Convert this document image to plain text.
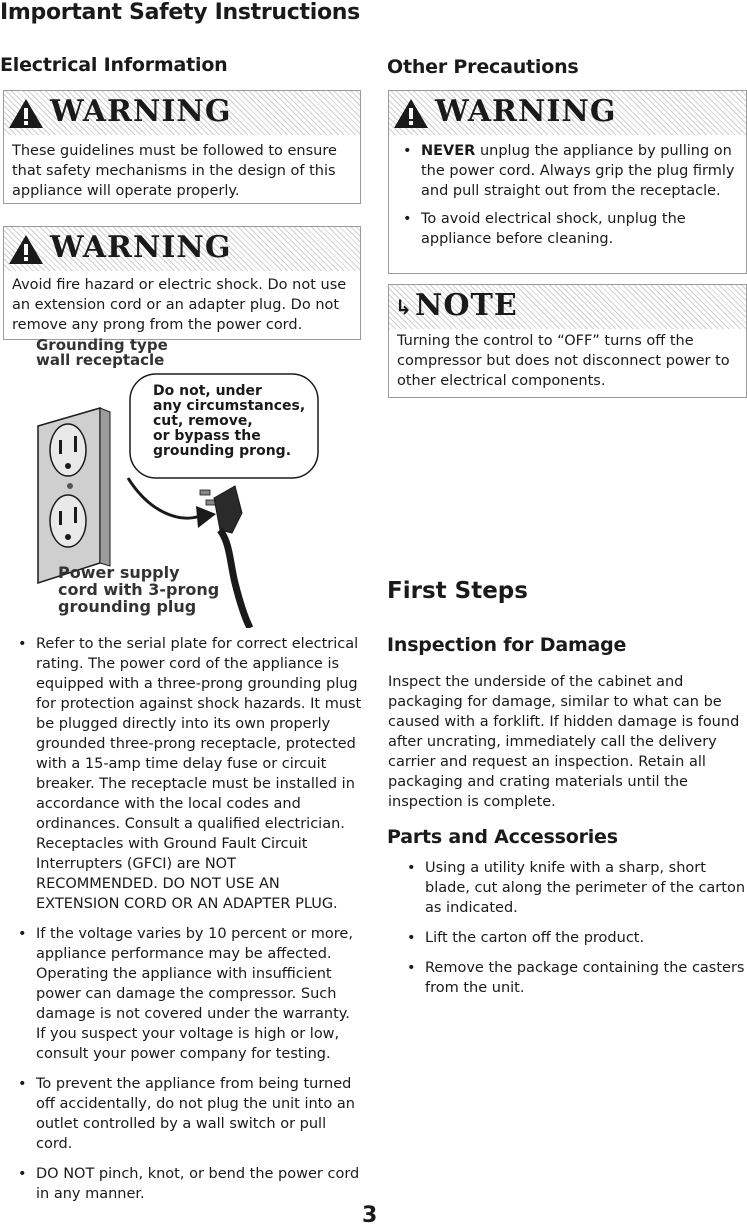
Important Safety Instructions
Electrical Information
WARNING
These guidelines must be followed to ensure that safety mechanisms in the design of this appliance will operate properly.
WARNING
Avoid fire hazard or electric shock. Do not use an extension cord or an adapter plug. Do not remove any prong from the power cord.
Grounding type
wall receptacle
Do not, under
any circumstances,
cut, remove,
or bypass the
grounding prong.
Power supply
cord with 3-prong
grounding plug
• Refer to the serial plate for correct electrical rating. The power cord of the appliance is equipped with a three-prong grounding plug for protection against shock hazards. It must be plugged directly into its own properly grounded three-prong receptacle, protected with a 15-amp time delay fuse or circuit breaker. The receptacle must be installed in accordance with the local codes and ordinances. Consult a qualified electrician. Receptacles with Ground Fault Circuit Interrupters (GFCI) are NOT RECOMMENDED. DO NOT USE AN EXTENSION CORD OR AN ADAPTER PLUG.
• If the voltage varies by 10 percent or more, appliance performance may be affected. Operating the appliance with insufficient power can damage the compressor. Such damage is not covered under the warranty. If you suspect your voltage is high or low, consult your power company for testing.
• To prevent the appliance from being turned off accidentally, do not plug the unit into an outlet controlled by a wall switch or pull cord.
• DO NOT pinch, knot, or bend the power cord in any manner.
Other Precautions
WARNING
• NEVER unplug the appliance by pulling on the power cord. Always grip the plug firmly and pull straight out from the receptacle.
• To avoid electrical shock, unplug the appliance before cleaning.
↳ NOTE
Turning the control to “OFF” turns off the compressor but does not disconnect power to other electrical components.
First Steps
Inspection for Damage
Inspect the underside of the cabinet and packaging for damage, similar to what can be caused with a forklift. If hidden damage is found after uncrating, immediately call the delivery carrier and request an inspection. Retain all packaging and crating materials until the inspection is complete.
Parts and Accessories
• Using a utility knife with a sharp, short blade, cut along the perimeter of the carton as indicated.
• Lift the carton off the product.
• Remove the package containing the casters from the unit.
3
